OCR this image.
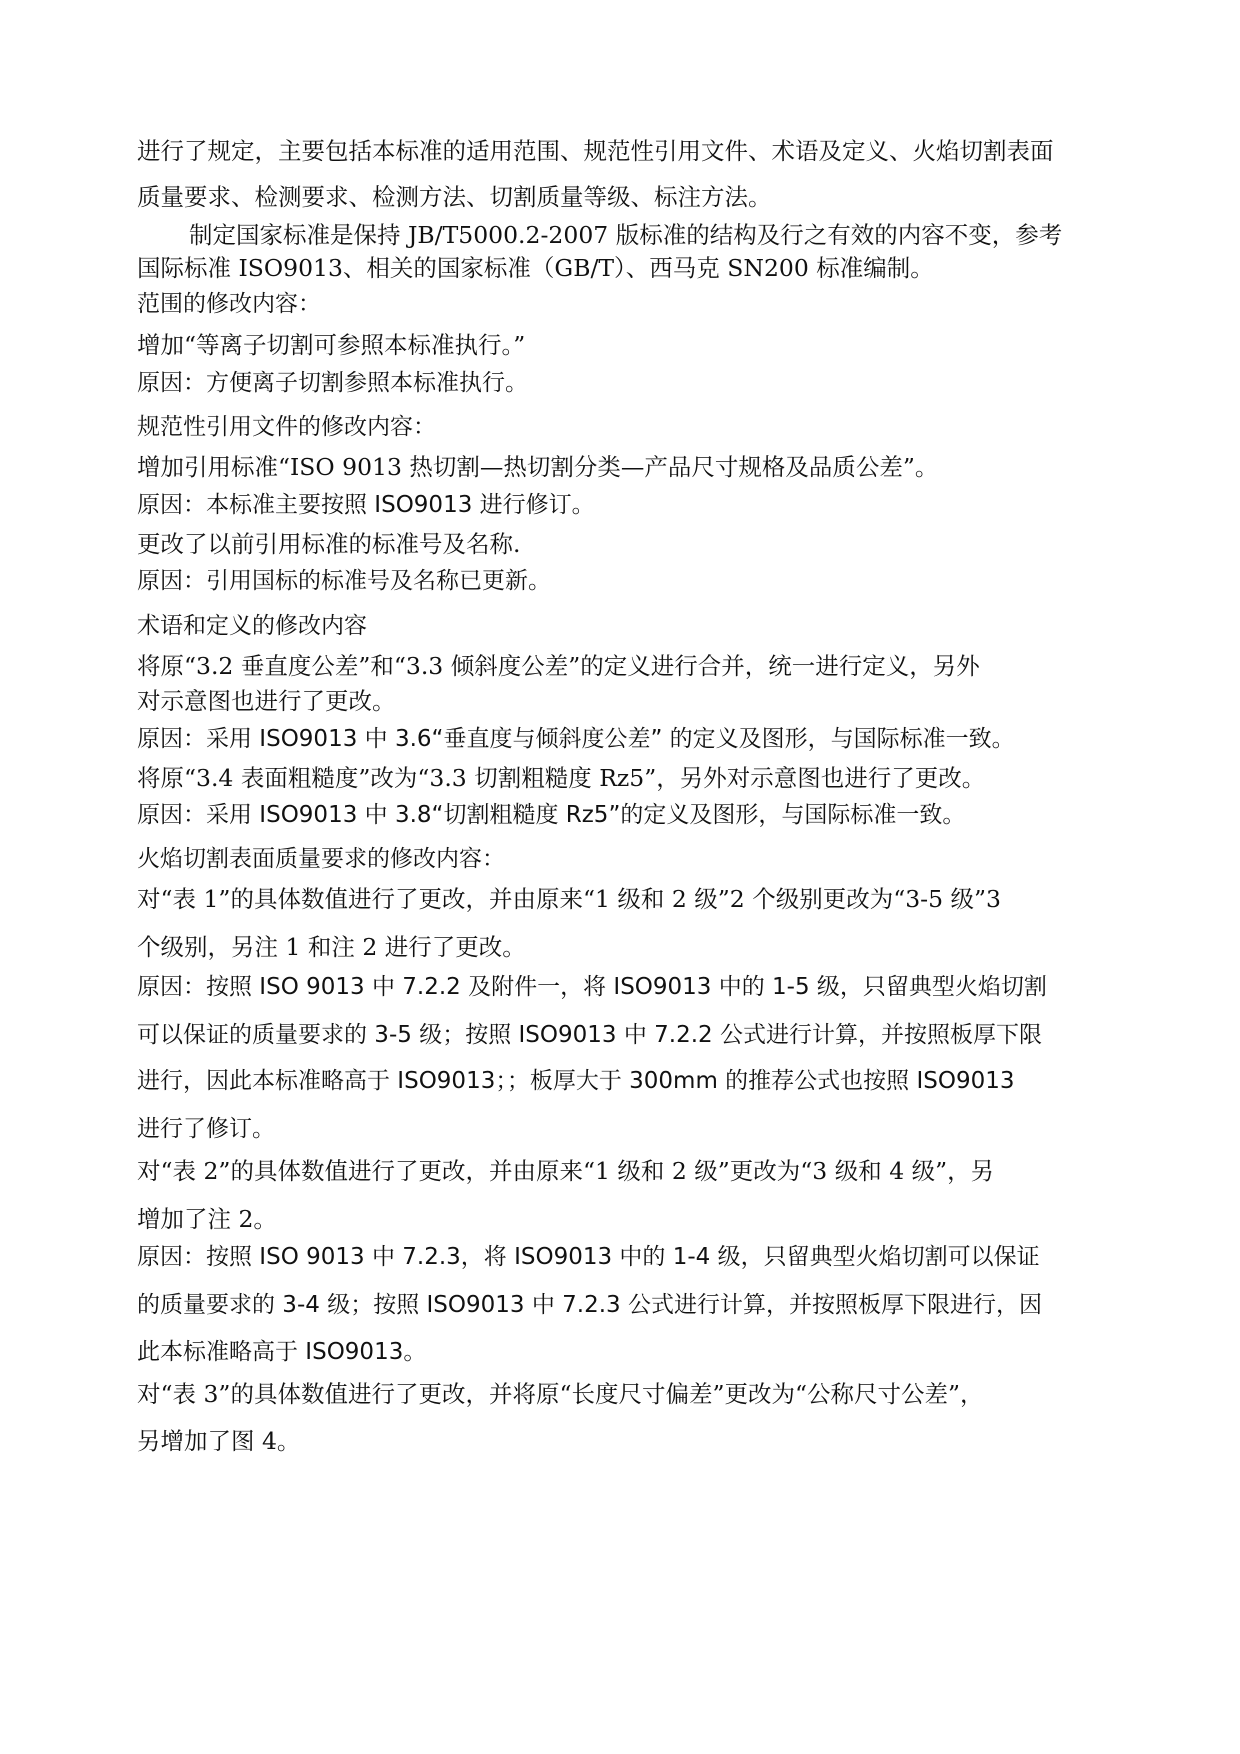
进行了规定，主要包括本标准的适用范围、规范性引用文件、术语及定义、火焰切割表面
质量要求、检测要求、检测方法、切割质量等级、标注方法。
制定国家标准是保持 JB/T5000.2-2007 版标准的结构及行之有效的内容不变，参考
国际标准 ISO9013、相关的国家标准（GB/T）、西马克 SN200 标准编制。
范围的修改内容：
增加“等离子切割可参照本标准执行。”
原因：方便离子切割参照本标准执行。
规范性引用文件的修改内容：
增加引用标准“ISO 9013 热切割—热切割分类—产品尺寸规格及品质公差”。
原因：本标准主要按照 ISO9013 进行修订。
更改了以前引用标准的标准号及名称.
原因：引用国标的标准号及名称已更新。
术语和定义的修改内容
将原“3.2 垂直度公差”和“3.3 倾斜度公差”的定义进行合并，统一进行定义，另外
对示意图也进行了更改。
原因：采用 ISO9013 中 3.6“垂直度与倾斜度公差” 的定义及图形，与国际标准一致。
将原“3.4 表面粗糙度”改为“3.3 切割粗糙度 Rz5”，另外对示意图也进行了更改。
原因：采用 ISO9013 中 3.8“切割粗糙度 Rz5”的定义及图形，与国际标准一致。
火焰切割表面质量要求的修改内容：
对“表 1”的具体数值进行了更改，并由原来“1 级和 2 级”2 个级别更改为“3-5 级”3
个级别，另注 1 和注 2 进行了更改。
原因：按照 ISO 9013 中 7.2.2 及附件一，将 ISO9013 中的 1-5 级，只留典型火焰切割
可以保证的质量要求的 3-5 级；按照 ISO9013 中 7.2.2 公式进行计算，并按照板厚下限
进行，因此本标准略高于 ISO9013；；板厚大于 300mm 的推荐公式也按照 ISO9013
进行了修订。
对“表 2”的具体数值进行了更改，并由原来“1 级和 2 级”更改为“3 级和 4 级”，另
增加了注 2。
原因：按照 ISO 9013 中 7.2.3，将 ISO9013 中的 1-4 级，只留典型火焰切割可以保证
的质量要求的 3-4 级；按照 ISO9013 中 7.2.3 公式进行计算，并按照板厚下限进行，因
此本标准略高于 ISO9013。
对“表 3”的具体数值进行了更改，并将原“长度尺寸偏差”更改为“公称尺寸公差”，
另增加了图 4。
